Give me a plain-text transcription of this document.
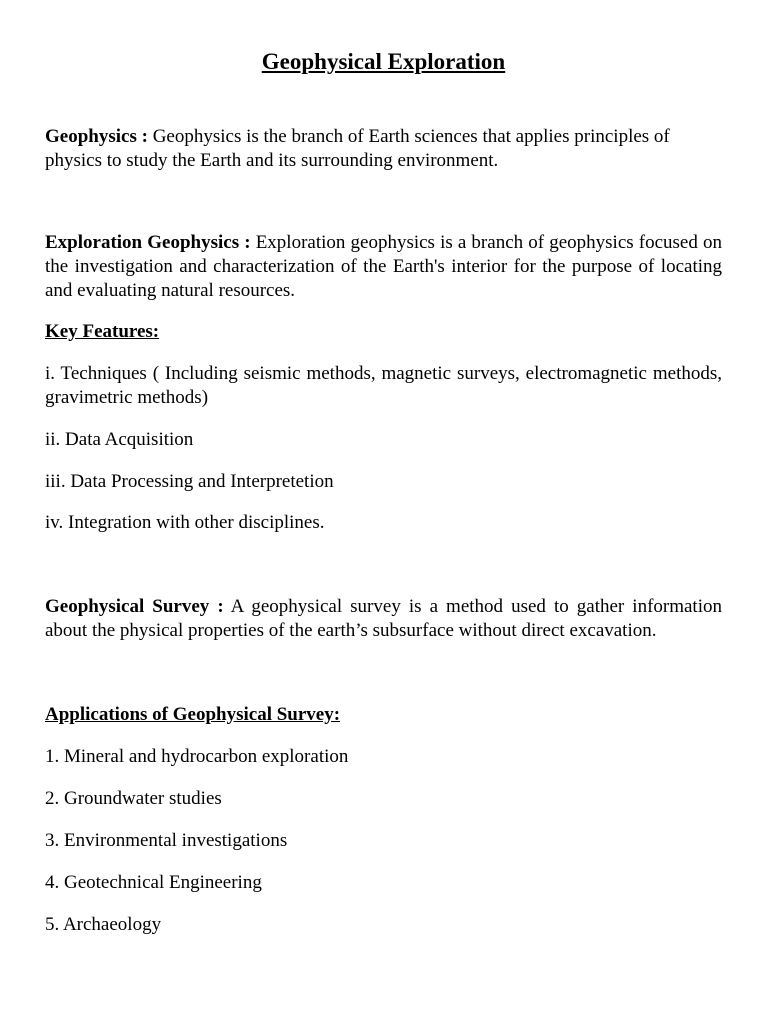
Geophysical Exploration
Geophysics : Geophysics is the branch of Earth sciences that applies principles of physics to study the Earth and its surrounding environment.
Exploration Geophysics : Exploration geophysics is a branch of geophysics focused on the investigation and characterization of the Earth's interior for the purpose of locating and evaluating natural resources.
Key Features:
i. Techniques ( Including seismic methods, magnetic surveys, electromagnetic methods, gravimetric methods)
ii. Data Acquisition
iii. Data Processing and Interpretetion
iv. Integration with other disciplines.
Geophysical Survey : A geophysical survey is a method used to gather information about the physical properties of the earth’s subsurface without direct excavation.
Applications of Geophysical Survey:
1. Mineral and hydrocarbon exploration
2. Groundwater studies
3. Environmental investigations
4. Geotechnical Engineering
5. Archaeology
